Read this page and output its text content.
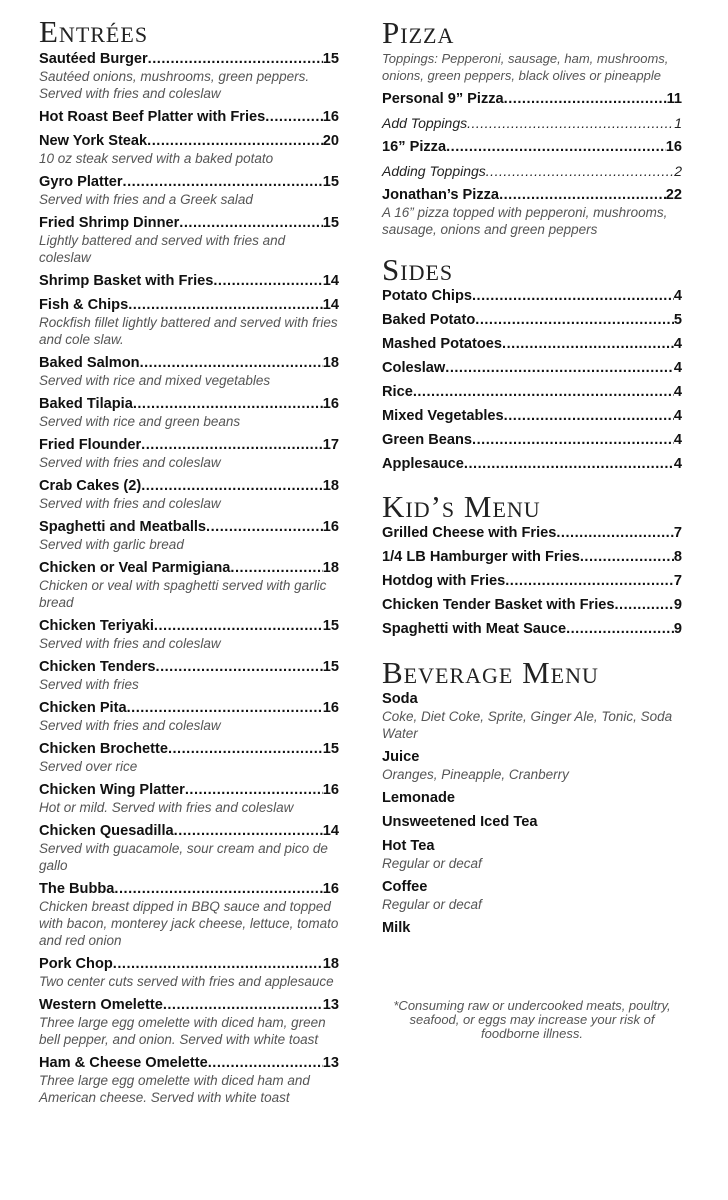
Entrées
Sautéed Burger .....	15

Sautéed onions, mushrooms, green peppers.
Served with fries and coleslaw

Hot Roast Beef Platter with Fries .....	16
New York Steak .....	20

10 oz steak served with a baked potato

Gyro Platter .....	15

Served with fries and a Greek salad

Fried Shrimp Dinner .....	15

Lightly battered and served with fries and coleslaw

Shrimp Basket with Fries .....	14
Fish & Chips .....	14

Rockfish fillet lightly battered and served with fries and cole slaw.

Baked Salmon .....	18

Served with rice and mixed vegetables

Baked Tilapia .....	16

Served with rice and green beans

Fried Flounder .....	17

Served with fries and coleslaw

Crab Cakes (2) .....	18

Served with fries and coleslaw

Spaghetti and Meatballs .....	16

Served with garlic bread

Chicken or Veal Parmigiana .....	18

Chicken or veal with spaghetti served with garlic bread

Chicken Teriyaki .....	15

Served with fries and coleslaw

Chicken Tenders .....	15

Served with fries

Chicken Pita .....	16

Served with fries and coleslaw

Chicken Brochette .....	15

Served over rice

Chicken Wing Platter .....	16

Hot or mild. Served with fries and coleslaw

Chicken Quesadilla .....	14

Served with guacamole, sour cream and pico de gallo

The Bubba .....	16

Chicken breast dipped in BBQ sauce and topped with bacon, monterey jack cheese, lettuce, tomato and red onion

Pork Chop .....	18

Two center cuts served with fries and applesauce

Western Omelette .....	13

Three large egg omelette with diced ham, green bell pepper, and onion. Served with white toast

Ham & Cheese Omelette .....	13

Three large egg omelette with diced ham and American cheese. Served with white toast

Pizza

Toppings: Pepperoni, sausage, ham, mushrooms, onions, green peppers, black olives or pineapple

Personal 9” Pizza .....	11
Add Toppings .....	1
16” Pizza .....	16
Adding Toppings .....	2
Jonathan’s Pizza .....	22

A 16” pizza topped with pepperoni, mushrooms, sausage, onions and green peppers

Sides
Potato Chips .....	4
Baked Potato .....	5
Mashed Potatoes .....	4
Coleslaw .....	4
Rice .....	4
Mixed Vegetables .....	4
Green Beans .....	4
Applesauce .....	4
Kid’s Menu
Grilled Cheese with Fries .....	7
1/4 LB Hamburger with Fries .....	8
Hotdog with Fries .....	7
Chicken Tender Basket with Fries .....	9
Spaghetti with Meat Sauce .....	9
Beverage Menu

Soda

Coke, Diet Coke, Sprite, Ginger Ale, Tonic, Soda Water

Juice

Oranges, Pineapple, Cranberry

Lemonade

Unsweetened Iced Tea

Hot Tea

Regular or decaf

Coffee

Regular or decaf

Milk

*Consuming raw or undercooked meats, poultry, seafood, or eggs may increase your risk of foodborne illness.
